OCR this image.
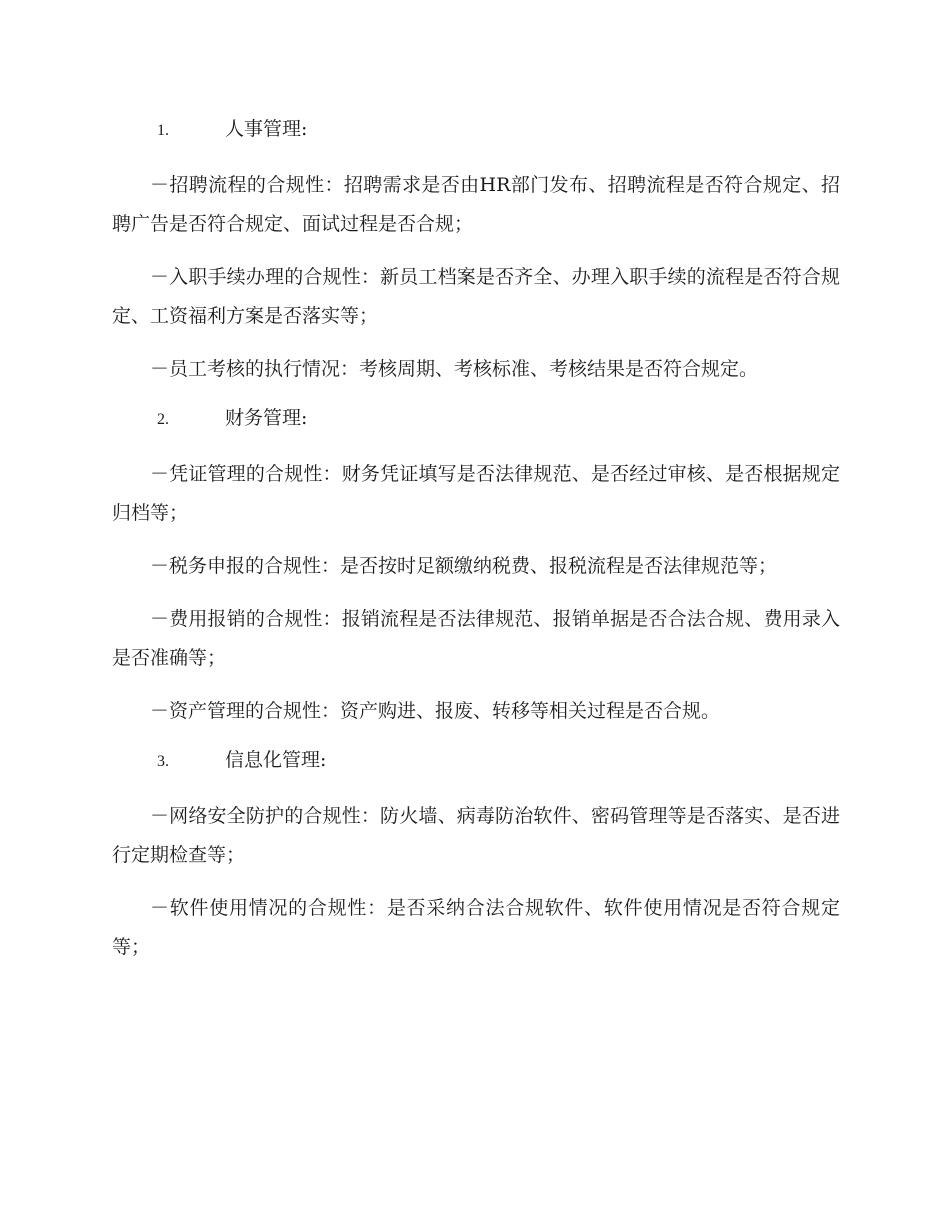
1.	人事管理:

－招聘流程的合规性：招聘需求是否由HR部门发布、招聘流程是否符合规定、招聘广告是否符合规定、面试过程是否合规；

－入职手续办理的合规性：新员工档案是否齐全、办理入职手续的流程是否符合规定、工资福利方案是否落实等；

－员工考核的执行情况：考核周期、考核标准、考核结果是否符合规定。

2.	财务管理:

－凭证管理的合规性：财务凭证填写是否法律规范、是否经过审核、是否根据规定归档等；

－税务申报的合规性：是否按时足额缴纳税费、报税流程是否法律规范等；

－费用报销的合规性：报销流程是否法律规范、报销单据是否合法合规、费用录入是否准确等；

－资产管理的合规性：资产购进、报废、转移等相关过程是否合规。

3.	信息化管理:

－网络安全防护的合规性：防火墙、病毒防治软件、密码管理等是否落实、是否进行定期检查等；

－软件使用情况的合规性：是否采纳合法合规软件、软件使用情况是否符合规定等；
